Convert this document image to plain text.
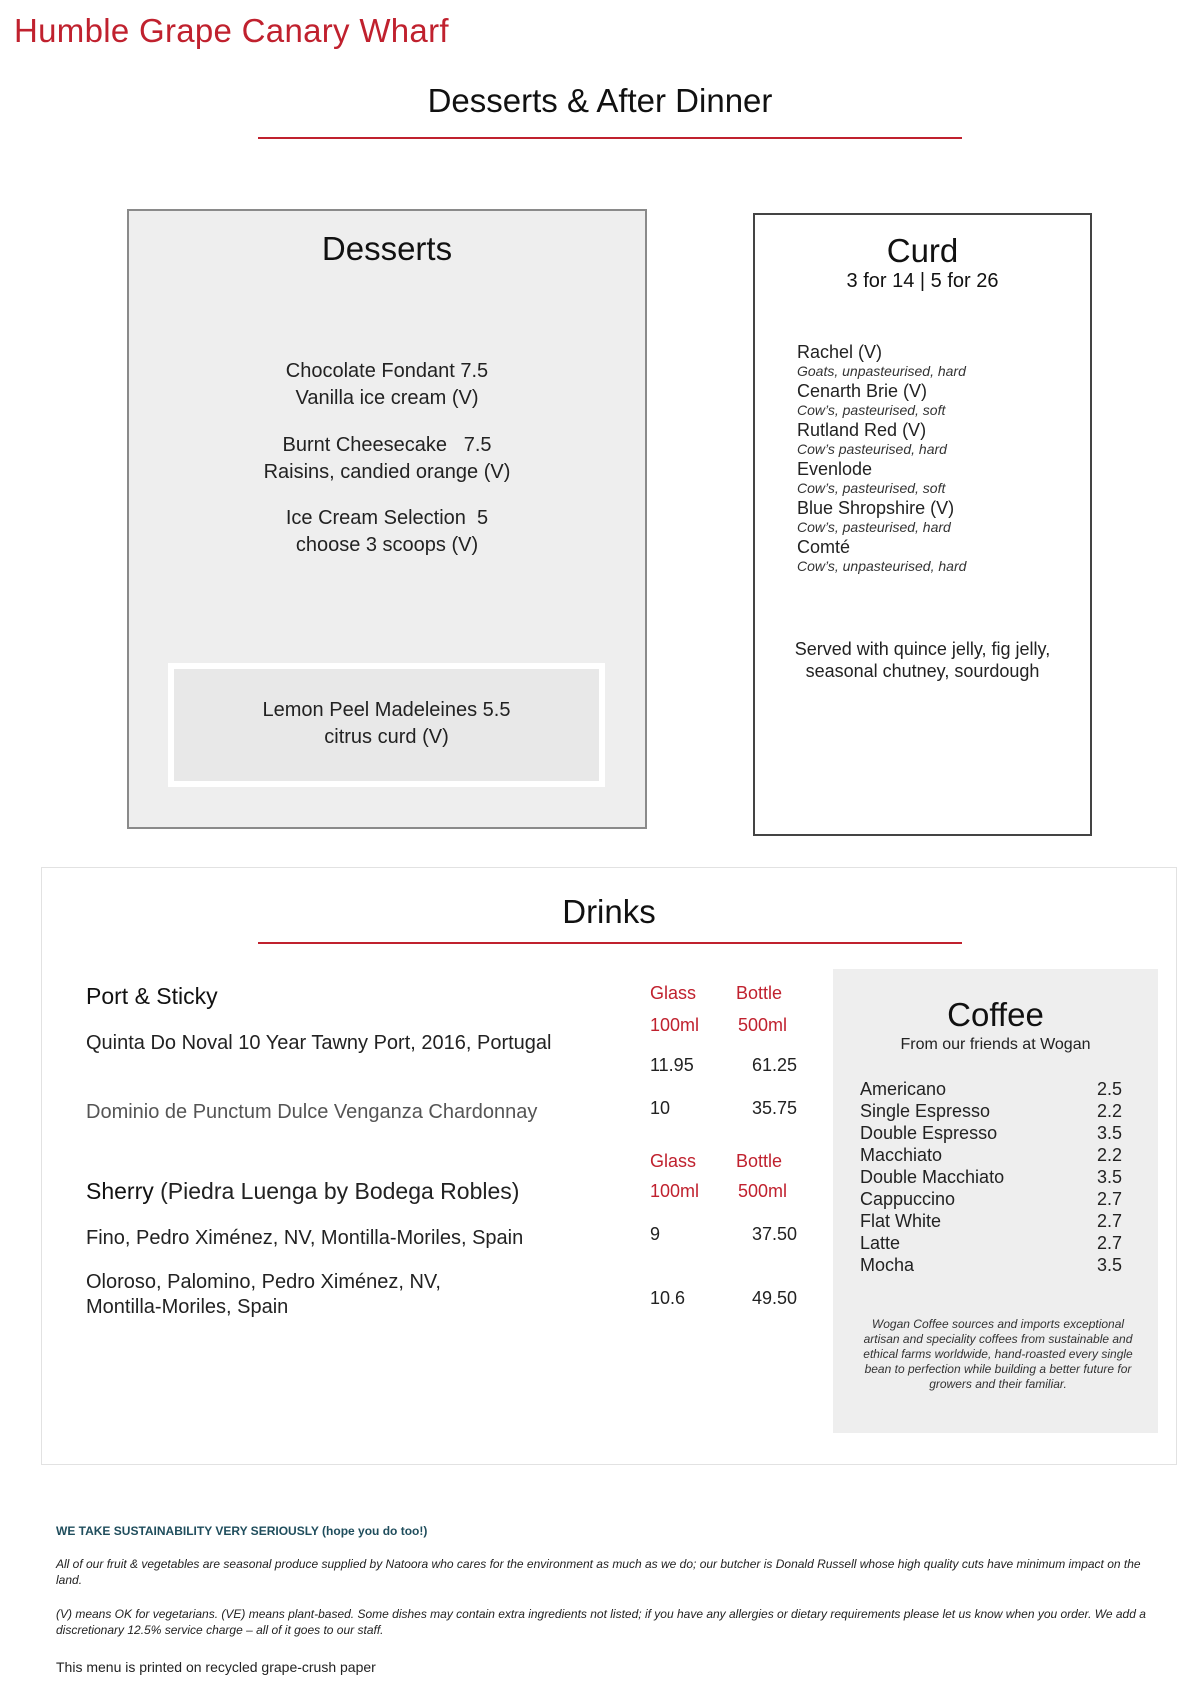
Humble Grape Canary Wharf
Desserts & After Dinner
Desserts
Chocolate Fondant 7.5
Vanilla ice cream (V)
Burnt Cheesecake 7.5
Raisins, candied orange (V)
Ice Cream Selection 5
choose 3 scoops (V)
Lemon Peel Madeleines 5.5
citrus curd (V)
Curd
3 for 14 | 5 for 26
Rachel (V)
Goats, unpasteurised, hard
Cenarth Brie (V)
Cow’s, pasteurised, soft
Rutland Red (V)
Cow’s pasteurised, hard
Evenlode
Cow’s, pasteurised, soft
Blue Shropshire (V)
Cow’s, pasteurised, hard
Comté
Cow’s, unpasteurised, hard
Served with quince jelly, fig jelly, seasonal chutney, sourdough
Drinks
Port & Sticky	Glass Bottle
100ml 500ml
Quinta Do Noval 10 Year Tawny Port, 2016, Portugal
11.95	61.25
Dominio de Punctum Dulce Venganza Chardonnay	10	35.75
Glass Bottle
100ml 500ml
Sherry (Piedra Luenga by Bodega Robles)
Fino, Pedro Ximénez, NV, Montilla-Moriles, Spain	9	37.50
Oloroso, Palomino, Pedro Ximénez, NV, Montilla-Moriles, Spain	10.6	49.50
Coffee
From our friends at Wogan
Americano	2.5
Single Espresso	2.2
Double Espresso	3.5
Macchiato	2.2
Double Macchiato	3.5
Cappuccino	2.7
Flat White	2.7
Latte	2.7
Mocha	3.5
Wogan Coffee sources and imports exceptional artisan and speciality coffees from sustainable and ethical farms worldwide, hand-roasted every single bean to perfection while building a better future for growers and their familiar.
WE TAKE SUSTAINABILITY VERY SERIOUSLY (hope you do too!)
All of our fruit & vegetables are seasonal produce supplied by Natoora who cares for the environment as much as we do; our butcher is Donald Russell whose high quality cuts have minimum impact on the land.
(V) means OK for vegetarians. (VE) means plant-based. Some dishes may contain extra ingredients not listed; if you have any allergies or dietary requirements please let us know when you order. We add a discretionary 12.5% service charge – all of it goes to our staff.
This menu is printed on recycled grape-crush paper
